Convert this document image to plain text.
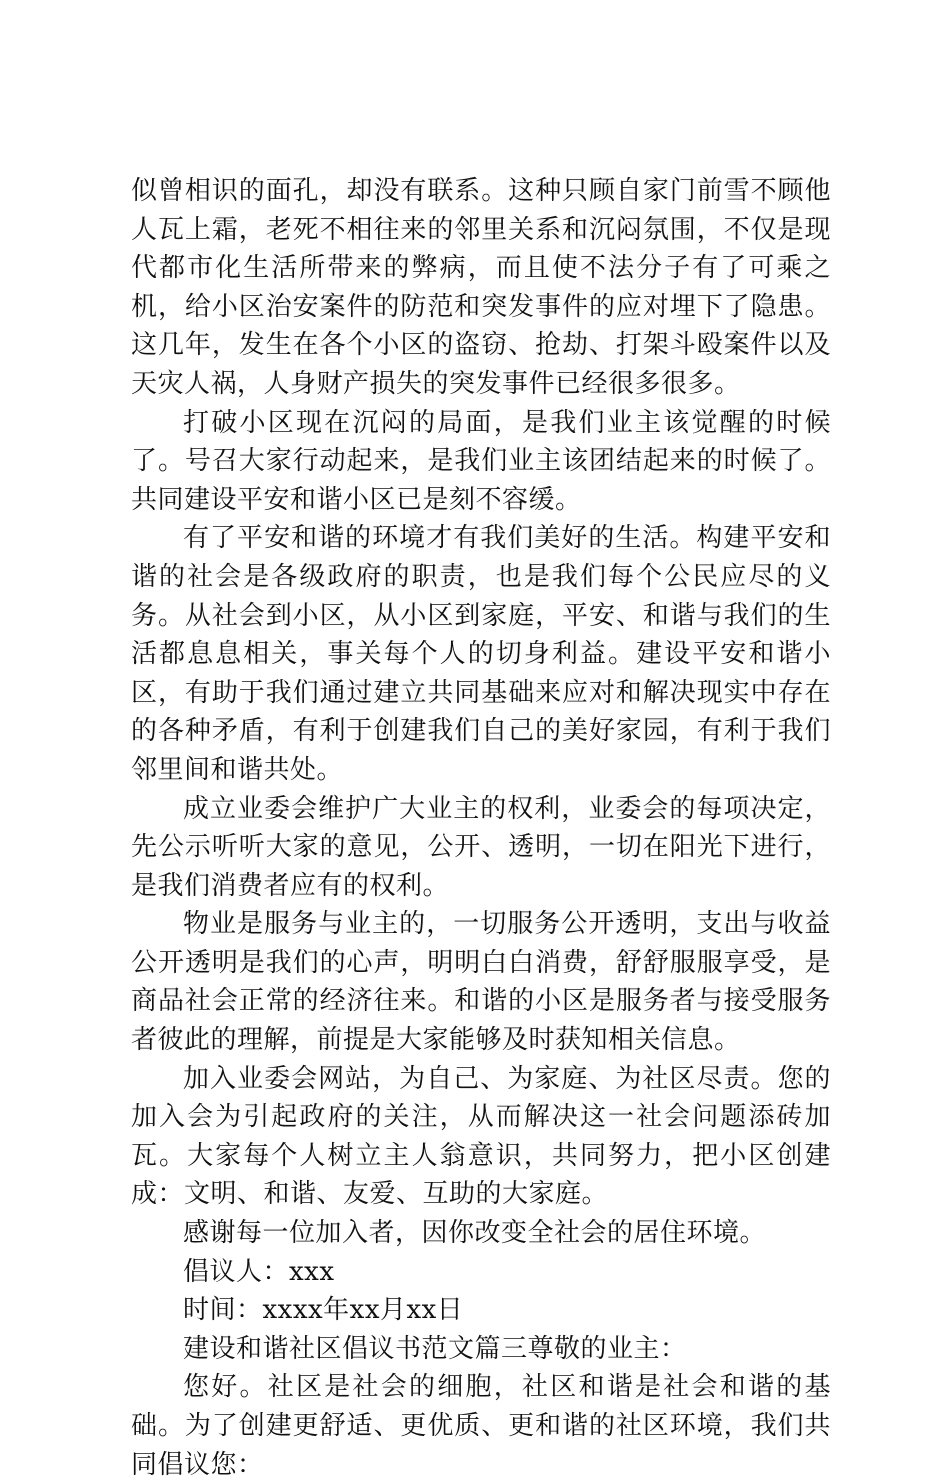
似曾相识的面孔，却没有联系。这种只顾自家门前雪不顾他人瓦上霜，老死不相往来的邻里关系和沉闷氛围，不仅是现代都市化生活所带来的弊病，而且使不法分子有了可乘之机，给小区治安案件的防范和突发事件的应对埋下了隐患。这几年，发生在各个小区的盗窃、抢劫、打架斗殴案件以及天灾人祸，人身财产损失的突发事件已经很多很多。

打破小区现在沉闷的局面，是我们业主该觉醒的时候了。号召大家行动起来，是我们业主该团结起来的时候了。共同建设平安和谐小区已是刻不容缓。

有了平安和谐的环境才有我们美好的生活。构建平安和谐的社会是各级政府的职责，也是我们每个公民应尽的义务。从社会到小区，从小区到家庭，平安、和谐与我们的生活都息息相关，事关每个人的切身利益。建设平安和谐小区，有助于我们通过建立共同基础来应对和解决现实中存在的各种矛盾，有利于创建我们自己的美好家园，有利于我们邻里间和谐共处。

成立业委会维护广大业主的权利，业委会的每项决定，先公示听听大家的意见，公开、透明，一切在阳光下进行，是我们消费者应有的权利。

物业是服务与业主的，一切服务公开透明，支出与收益公开透明是我们的心声，明明白白消费，舒舒服服享受，是商品社会正常的经济往来。和谐的小区是服务者与接受服务者彼此的理解，前提是大家能够及时获知相关信息。

加入业委会网站，为自己、为家庭、为社区尽责。您的加入会为引起政府的关注，从而解决这一社会问题添砖加瓦。大家每个人树立主人翁意识，共同努力，把小区创建成：文明、和谐、友爱、互助的大家庭。

感谢每一位加入者，因你改变全社会的居住环境。

倡议人：xxx

时间：xxxx年xx月xx日

建设和谐社区倡议书范文篇三尊敬的业主：

您好。社区是社会的细胞，社区和谐是社会和谐的基础。为了创建更舒适、更优质、更和谐的社区环境，我们共同倡议您：
